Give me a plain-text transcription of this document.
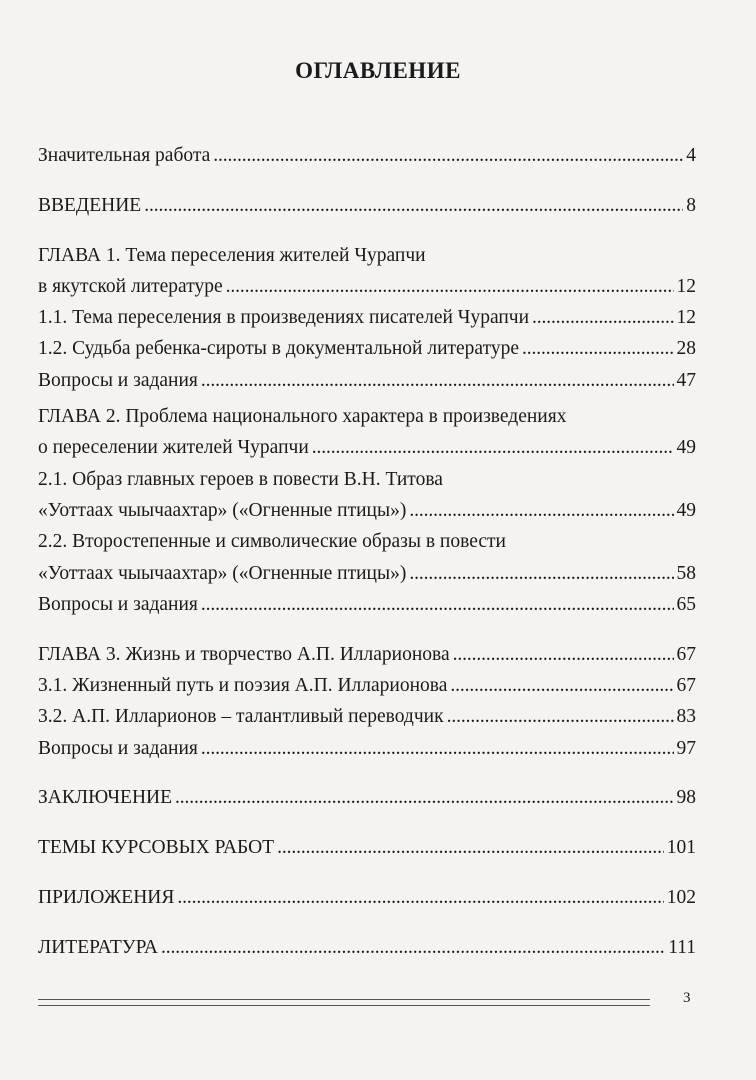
ОГЛАВЛЕНИЕ
Значительная работа . . .	4
ВВЕДЕНИЕ . . .	8
ГЛАВА 1. Тема переселения жителей Чурапчи
в якутской литературе . . .	12
1.1. Тема переселения в произведениях писателей Чурапчи . . .	12
1.2. Судьба ребенка-сироты в документальной литературе . . .	28
Вопросы и задания . . .	47
ГЛАВА 2. Проблема национального характера в произведениях
о переселении жителей Чурапчи . . .	49
2.1. Образ главных героев в повести В.Н. Титова
«Уоттаах чыычаахтар» («Огненные птицы») . . .	49
2.2. Второстепенные и символические образы в повести
«Уоттаах чыычаахтар» («Огненные птицы») . . .	58
Вопросы и задания . . .	65
ГЛАВА 3. Жизнь и творчество А.П. Илларионова . . .	67
3.1. Жизненный путь и поэзия А.П. Илларионова . . .	67
3.2. А.П. Илларионов – талантливый переводчик . . .	83
Вопросы и задания . . .	97
ЗАКЛЮЧЕНИЕ . . .	98
ТЕМЫ КУРСОВЫХ РАБОТ . . .	101
ПРИЛОЖЕНИЯ . . .	102
ЛИТЕРАТУРА . . .	111
3
